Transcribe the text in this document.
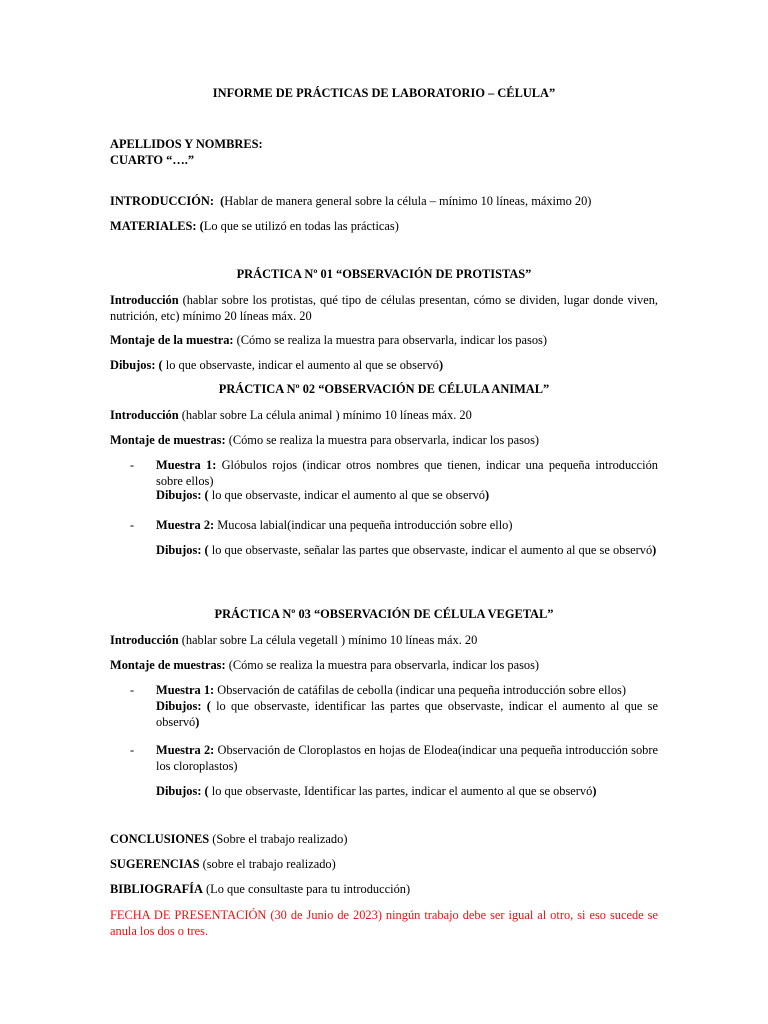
INFORME DE PRÁCTICAS DE LABORATORIO – CÉLULA”

APELLIDOS Y NOMBRES:

CUARTO “….”

INTRODUCCIÓN: (Hablar de manera general sobre la célula – mínimo 10 líneas, máximo 20)

MATERIALES: (Lo que se utilizó en todas las prácticas)

PRÁCTICA Nº 01 “OBSERVACIÓN DE PROTISTAS”

Introducción (hablar sobre los protistas, qué tipo de células presentan, cómo se dividen, lugar donde viven, nutrición, etc) mínimo 20 líneas máx. 20

Montaje de la muestra: (Cómo se realiza la muestra para observarla, indicar los pasos)

Dibujos: ( lo que observaste, indicar el aumento al que se observó)

PRÁCTICA Nº 02 “OBSERVACIÓN DE CÉLULA ANIMAL”

Introducción (hablar sobre La célula animal ) mínimo 10 líneas máx. 20

Montaje de muestras: (Cómo se realiza la muestra para observarla, indicar los pasos)

-	Muestra 1: Glóbulos rojos (indicar otros nombres que tienen, indicar una pequeña introducción sobre ellos)

Dibujos: ( lo que observaste, indicar el aumento al que se observó)

-	Muestra 2: Mucosa labial(indicar una pequeña introducción sobre ello)

Dibujos: ( lo que observaste, señalar las partes que observaste, indicar el aumento al que se observó)

PRÁCTICA Nº 03 “OBSERVACIÓN DE CÉLULA VEGETAL”

Introducción (hablar sobre La célula vegetall ) mínimo 10 líneas máx. 20

Montaje de muestras: (Cómo se realiza la muestra para observarla, indicar los pasos)

-	Muestra 1: Observación de catáfilas de cebolla (indicar una pequeña introducción sobre ellos)

Dibujos: ( lo que observaste, identificar las partes que observaste, indicar el aumento al que se observó)

-	Muestra 2: Observación de Cloroplastos en hojas de Elodea(indicar una pequeña introducción sobre los cloroplastos)

Dibujos: ( lo que observaste, Identificar las partes, indicar el aumento al que se observó)

CONCLUSIONES (Sobre el trabajo realizado)

SUGERENCIAS (sobre el trabajo realizado)

BIBLIOGRAFÍA (Lo que consultaste para tu introducción)

FECHA DE PRESENTACIÓN (30 de Junio de 2023) ningún trabajo debe ser igual al otro, si eso sucede se anula los dos o tres.
